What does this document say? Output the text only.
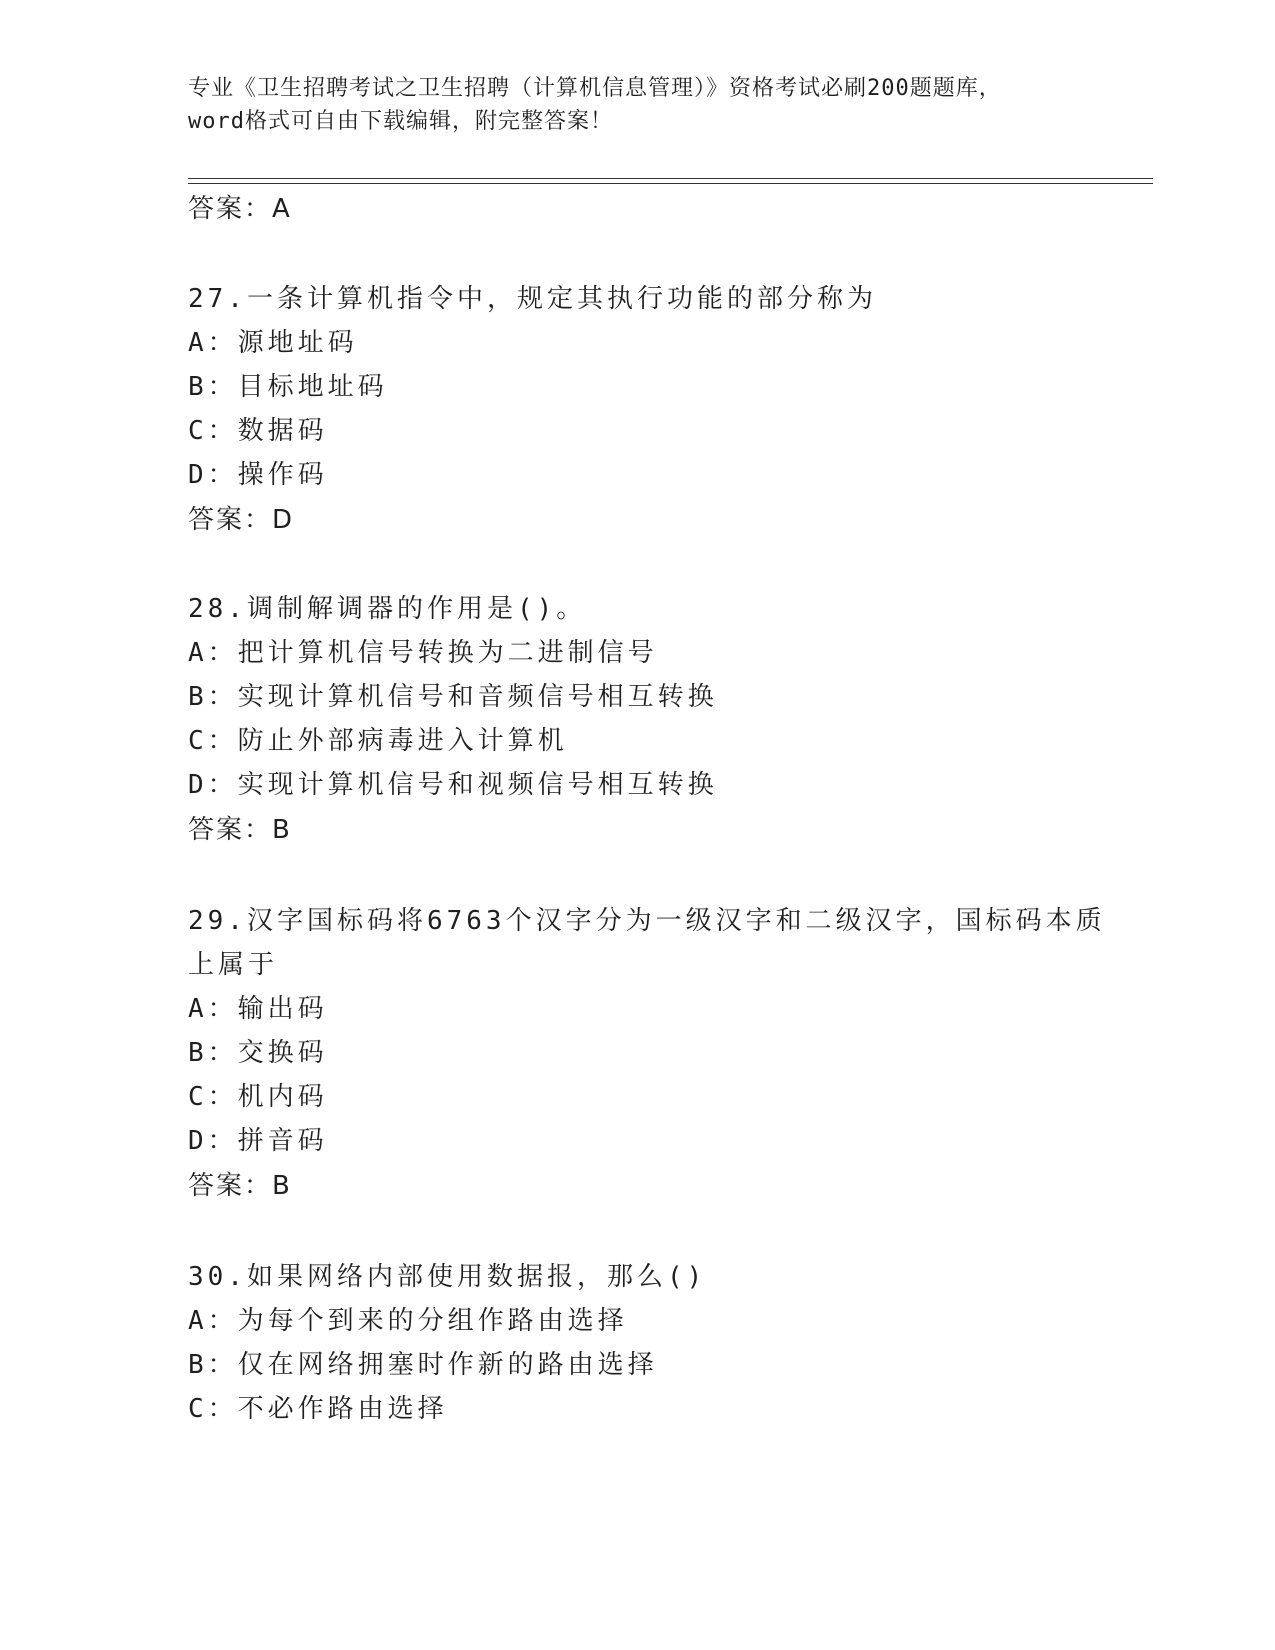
专业《卫生招聘考试之卫生招聘（计算机信息管理）》资格考试必刷200题题库，
word格式可自由下载编辑，附完整答案！
答案：A
27.一条计算机指令中，规定其执行功能的部分称为
A：源地址码
B：目标地址码
C：数据码
D：操作码
答案：D
28.调制解调器的作用是()。
A：把计算机信号转换为二进制信号
B：实现计算机信号和音频信号相互转换
C：防止外部病毒进入计算机
D：实现计算机信号和视频信号相互转换
答案：B
29.汉字国标码将6763个汉字分为一级汉字和二级汉字，国标码本质
上属于
A：输出码
B：交换码
C：机内码
D：拼音码
答案：B
30.如果网络内部使用数据报，那么()
A：为每个到来的分组作路由选择
B：仅在网络拥塞时作新的路由选择
C：不必作路由选择
